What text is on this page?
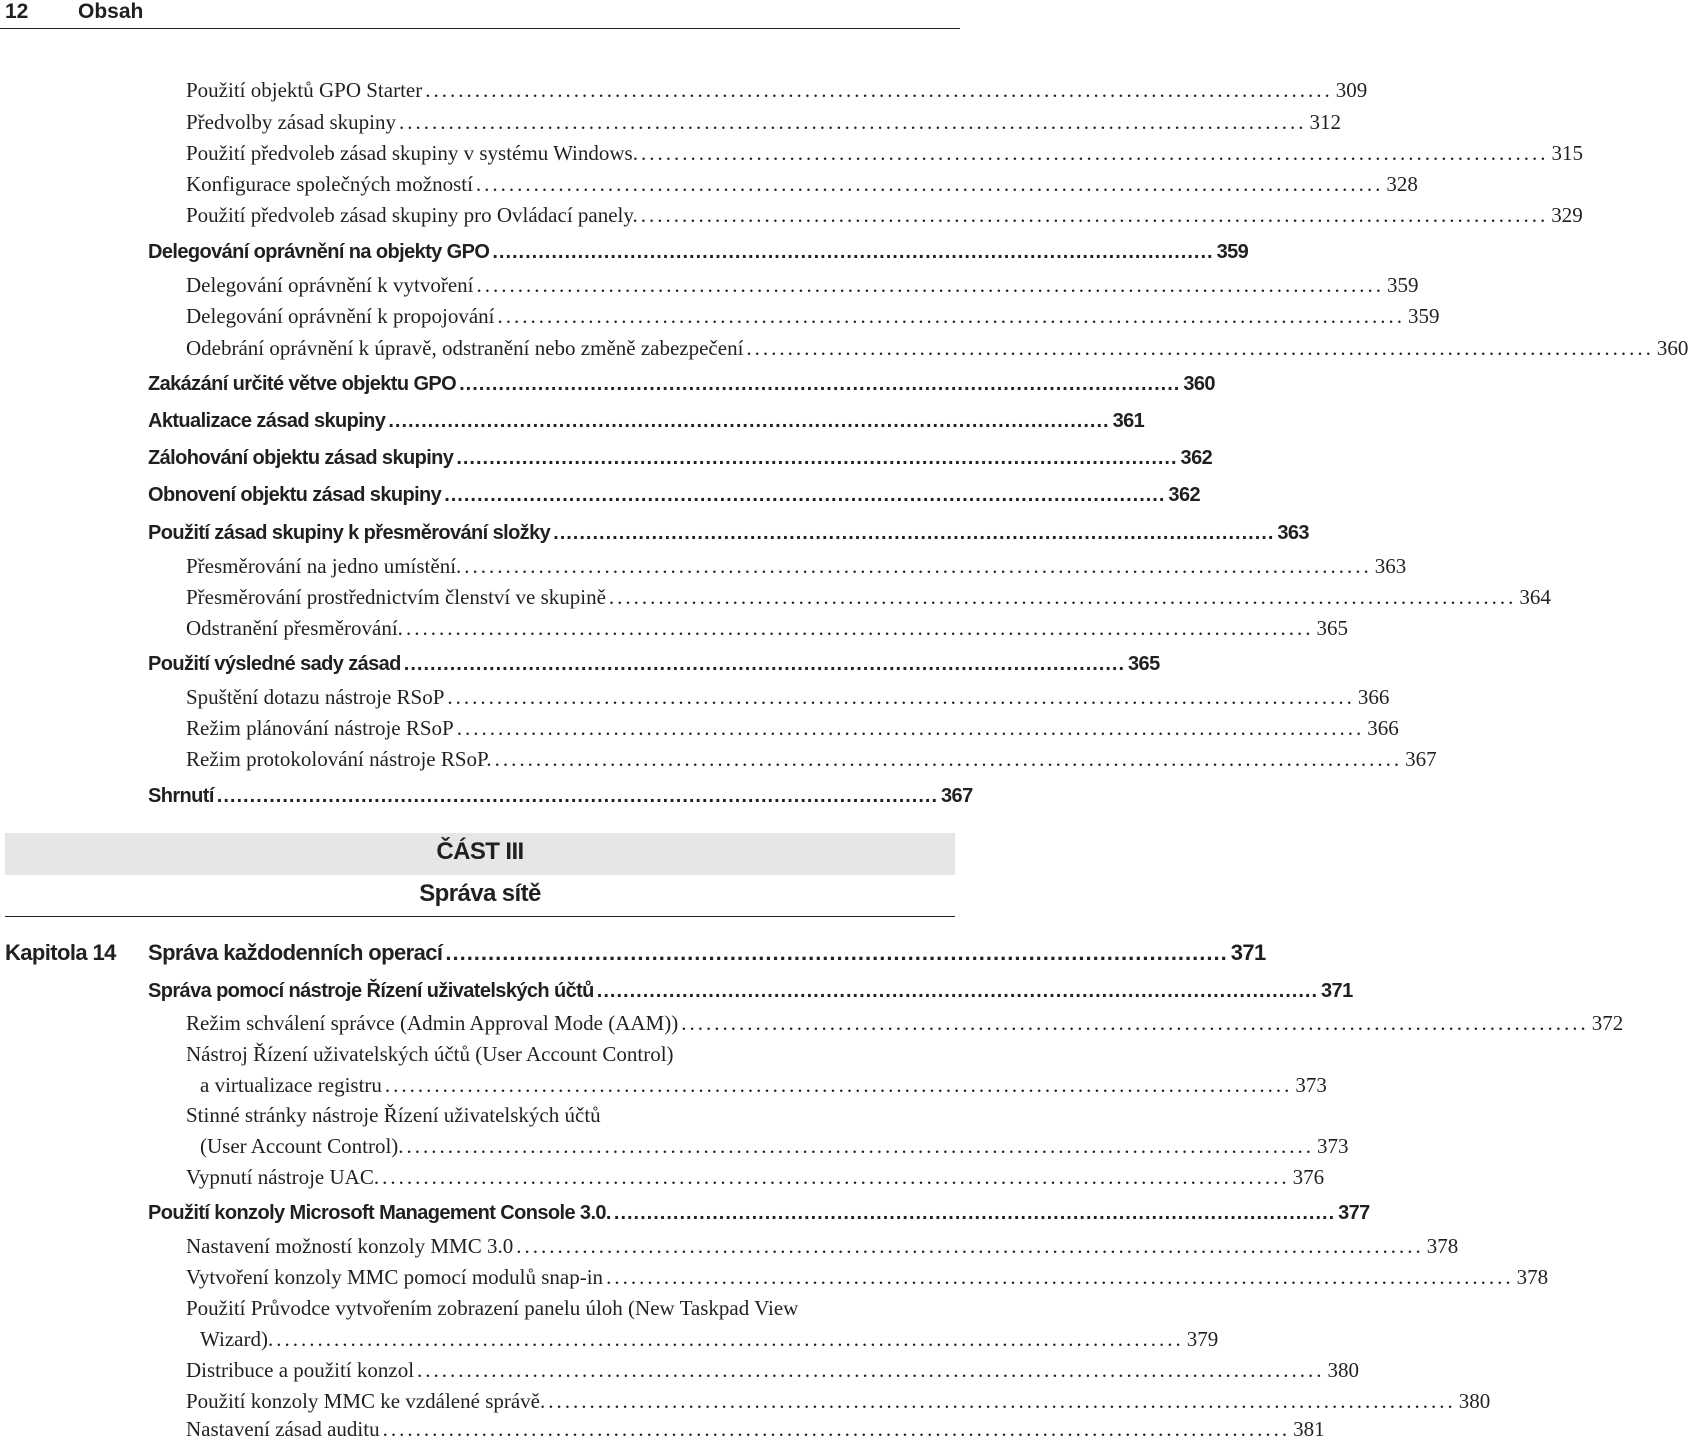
12 Obsah
Použití objektů GPO Starter .............................................................................................................. 309
Předvolby zásad skupiny .............................................................................................................. 312
Použití předvoleb zásad skupiny v systému Windows. .............................................................................................................. 315
Konfigurace společných možností .............................................................................................................. 328
Použití předvoleb zásad skupiny pro Ovládací panely. .............................................................................................................. 329
Delegování oprávnění na objekty GPO .............................................................................................................. 359
Delegování oprávnění k vytvoření .............................................................................................................. 359
Delegování oprávnění k propojování .............................................................................................................. 359
Odebrání oprávnění k úpravě, odstranění nebo změně zabezpečení .............................................................................................................. 360
Zakázání určité větve objektu GPO .............................................................................................................. 360
Aktualizace zásad skupiny .............................................................................................................. 361
Zálohování objektu zásad skupiny .............................................................................................................. 362
Obnovení objektu zásad skupiny .............................................................................................................. 362
Použití zásad skupiny k přesměrování složky .............................................................................................................. 363
Přesměrování na jedno umístění. .............................................................................................................. 363
Přesměrování prostřednictvím členství ve skupině .............................................................................................................. 364
Odstranění přesměrování. .............................................................................................................. 365
Použití výsledné sady zásad .............................................................................................................. 365
Spuštění dotazu nástroje RSoP .............................................................................................................. 366
Režim plánování nástroje RSoP .............................................................................................................. 366
Režim protokolování nástroje RSoP. .............................................................................................................. 367
Shrnutí .............................................................................................................. 367
ČÁST III
Správa sítě
Kapitola 14 Správa každodenních operací .............................................................................................................. 371
Správa pomocí nástroje Řízení uživatelských účtů .............................................................................................................. 371
Režim schválení správce (Admin Approval Mode (AAM)) .............................................................................................................. 372
Nástroj Řízení uživatelských účtů (User Account Control)
a virtualizace registru .............................................................................................................. 373
Stinné stránky nástroje Řízení uživatelských účtů
(User Account Control). .............................................................................................................. 373
Vypnutí nástroje UAC. .............................................................................................................. 376
Použití konzoly Microsoft Management Console 3.0. .............................................................................................................. 377
Nastavení možností konzoly MMC 3.0 .............................................................................................................. 378
Vytvoření konzoly MMC pomocí modulů snap-in .............................................................................................................. 378
Použití Průvodce vytvořením zobrazení panelu úloh (New Taskpad View
Wizard). .............................................................................................................. 379
Distribuce a použití konzol .............................................................................................................. 380
Použití konzoly MMC ke vzdálené správě. .............................................................................................................. 380
Nastavení zásad auditu .............................................................................................................. 381
